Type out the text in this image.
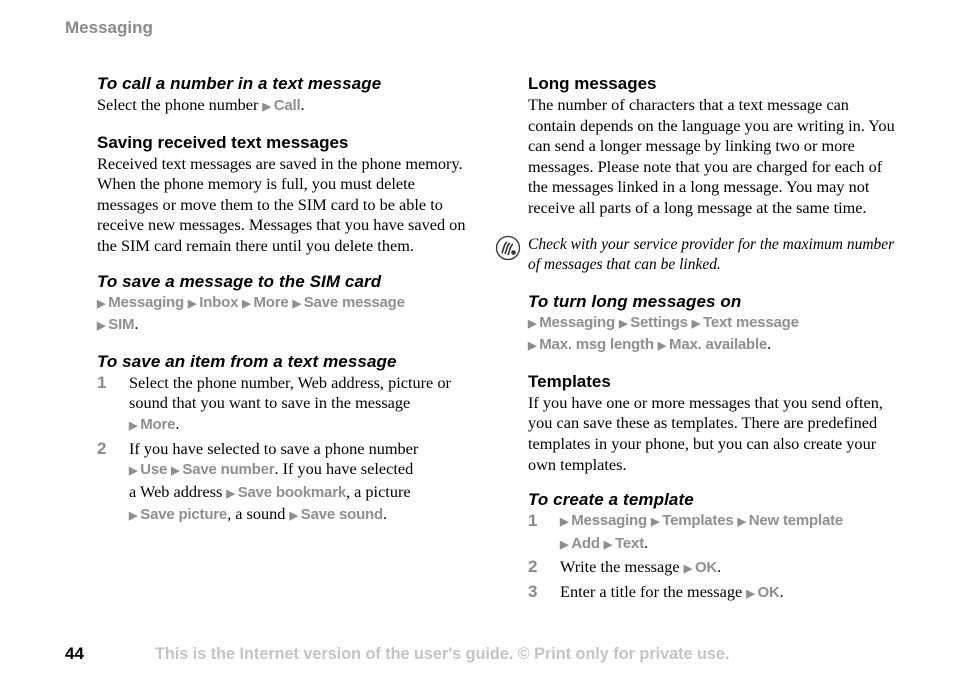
Messaging
To call a number in a text message
Select the phone number ▶ Call.
Saving received text messages

Received text messages are saved in the phone memory. When the phone memory is full, you must delete messages or move them to the SIM card to be able to receive new messages. Messages that you have saved on the SIM card remain there until you delete them.

To save a message to the SIM card
▶ Messaging ▶ Inbox ▶ More ▶ Save message
▶ SIM.
To save an item from a text message
1 Select the phone number, Web address, picture or sound that you want to save in the message
▶ More.
2 If you have selected to save a phone number
▶ Use ▶ Save number. If you have selected
a Web address ▶ Save bookmark, a picture
▶ Save picture, a sound ▶ Save sound.
Long messages

The number of characters that a text message can contain depends on the language you are writing in. You can send a longer message by linking two or more messages. Please note that you are charged for each of the messages linked in a long message. You may not receive all parts of a long message at the same time.

Check with your service provider for the maximum number of messages that can be linked.

To turn long messages on
▶ Messaging ▶ Settings ▶ Text message
▶ Max. msg length ▶ Max. available.
Templates

If you have one or more messages that you send often, you can save these as templates. There are predefined templates in your phone, but you can also create your own templates.

To create a template
1 ▶ Messaging ▶ Templates ▶ New template
▶ Add ▶ Text.
2 Write the message ▶ OK.
3 Enter a title for the message ▶ OK.
44	This is the Internet version of the user's guide. © Print only for private use.
